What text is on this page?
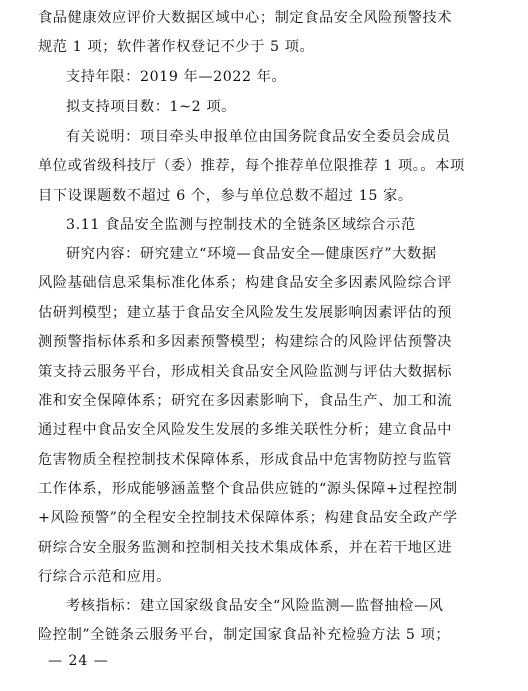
食品健康效应评价大数据区域中心；制定食品安全风险预警技术
规范 1 项；软件著作权登记不少于 5 项。
支持年限：2019 年—2022 年。
拟支持项目数：1~2 项。
有关说明：项目牵头申报单位由国务院食品安全委员会成员
单位或省级科技厅（委）推荐，每个推荐单位限推荐 1 项。。本项
目下设课题数不超过 6 个，参与单位总数不超过 15 家。
3.11 食品安全监测与控制技术的全链条区域综合示范
研究内容：研究建立“环境—食品安全—健康医疗”大数据
风险基础信息采集标准化体系；构建食品安全多因素风险综合评
估研判模型；建立基于食品安全风险发生发展影响因素评估的预
测预警指标体系和多因素预警模型；构建综合的风险评估预警决
策支持云服务平台，形成相关食品安全风险监测与评估大数据标
准和安全保障体系；研究在多因素影响下，食品生产、加工和流
通过程中食品安全风险发生发展的多维关联性分析；建立食品中
危害物质全程控制技术保障体系，形成食品中危害物防控与监管
工作体系，形成能够涵盖整个食品供应链的“源头保障+过程控制
+风险预警”的全程安全控制技术保障体系；构建食品安全政产学
研综合安全服务监测和控制相关技术集成体系，并在若干地区进
行综合示范和应用。
考核指标：建立国家级食品安全“风险监测—监督抽检—风
险控制”全链条云服务平台，制定国家食品补充检验方法 5 项；
— 24 —
